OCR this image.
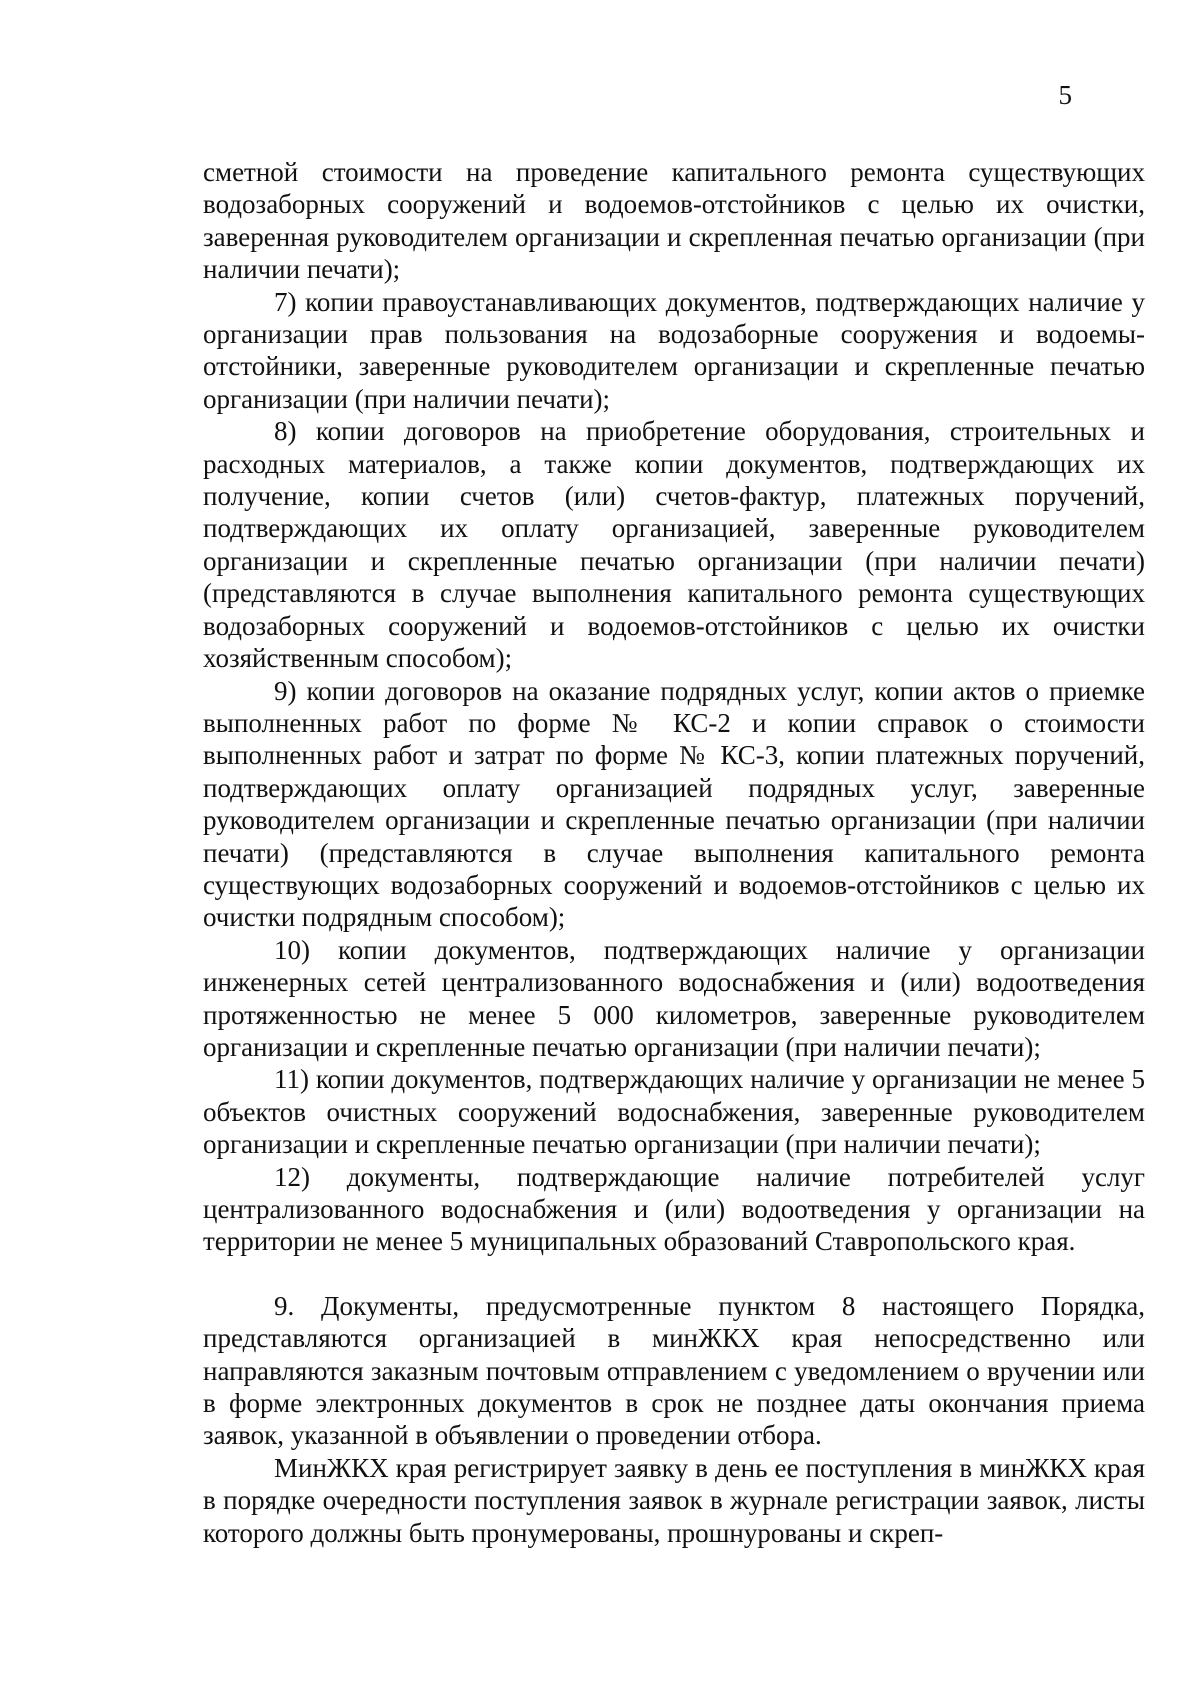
5

сметной стоимости на проведение капитального ремонта существующих водозаборных сооружений и водоемов-отстойников с целью их очистки, заверенная руководителем организации и скрепленная печатью организации (при наличии печати);

7) копии правоустанавливающих документов, подтверждающих наличие у организации прав пользования на водозаборные сооружения и водоемы-отстойники, заверенные руководителем организации и скрепленные печатью организации (при наличии печати);

8) копии договоров на приобретение оборудования, строительных и расходных материалов, а также копии документов, подтверждающих их получение, копии счетов (или) счетов-фактур, платежных поручений, подтверждающих их оплату организацией, заверенные руководителем организации и скрепленные печатью организации (при наличии печати) (представляются в случае выполнения капитального ремонта существующих водозаборных сооружений и водоемов-отстойников с целью их очистки хозяйственным способом);

9) копии договоров на оказание подрядных услуг, копии актов о приемке выполненных работ по форме № КС-2 и копии справок о стоимости выполненных работ и затрат по форме № КС-3, копии платежных поручений, подтверждающих оплату организацией подрядных услуг, заверенные руководителем организации и скрепленные печатью организации (при наличии печати) (представляются в случае выполнения капитального ремонта существующих водозаборных сооружений и водоемов-отстойников с целью их очистки подрядным способом);

10) копии документов, подтверждающих наличие у организации инженерных сетей централизованного водоснабжения и (или) водоотведения протяженностью не менее 5 000 километров, заверенные руководителем организации и скрепленные печатью организации (при наличии печати);

11) копии документов, подтверждающих наличие у организации не менее 5 объектов очистных сооружений водоснабжения, заверенные руководителем организации и скрепленные печатью организации (при наличии печати);

12) документы, подтверждающие наличие потребителей услуг централизованного водоснабжения и (или) водоотведения у организации на территории не менее 5 муниципальных образований Ставропольского края.

9. Документы, предусмотренные пунктом 8 настоящего Порядка, представляются организацией в минЖКХ края непосредственно или направляются заказным почтовым отправлением с уведомлением о вручении или в форме электронных документов в срок не позднее даты окончания приема заявок, указанной в объявлении о проведении отбора.

МинЖКХ края регистрирует заявку в день ее поступления в минЖКХ края в порядке очередности поступления заявок в журнале регистрации заявок, листы которого должны быть пронумерованы, прошнурованы и скреп-
